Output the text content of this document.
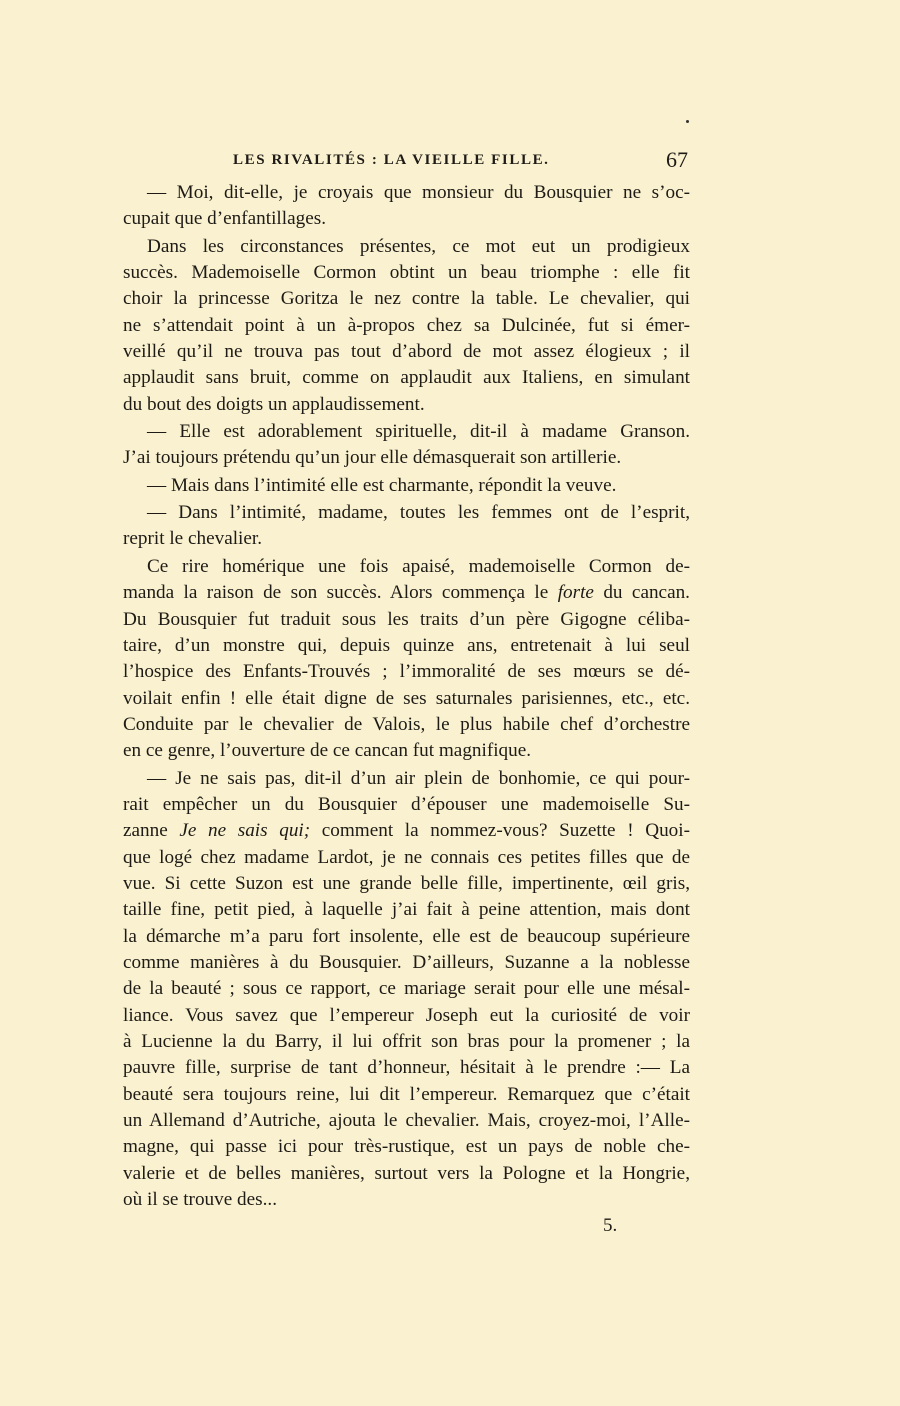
LES RIVALITÉS : LA VIEILLE FILLE.	67
— Moi, dit-elle, je croyais que monsieur du Bousquier ne s’oc-
cupait que d’enfantillages.
Dans les circonstances présentes, ce mot eut un prodigieux
succès. Mademoiselle Cormon obtint un beau triomphe : elle fit
choir la princesse Goritza le nez contre la table. Le chevalier, qui
ne s’attendait point à un à-propos chez sa Dulcinée, fut si émer-
veillé qu’il ne trouva pas tout d’abord de mot assez élogieux ; il
applaudit sans bruit, comme on applaudit aux Italiens, en simulant
du bout des doigts un applaudissement.
— Elle est adorablement spirituelle, dit-il à madame Granson.
J’ai toujours prétendu qu’un jour elle démasquerait son artillerie.
— Mais dans l’intimité elle est charmante, répondit la veuve.
— Dans l’intimité, madame, toutes les femmes ont de l’esprit,
reprit le chevalier.
Ce rire homérique une fois apaisé, mademoiselle Cormon de-
manda la raison de son succès. Alors commença le forte du cancan.
Du Bousquier fut traduit sous les traits d’un père Gigogne céliba-
taire, d’un monstre qui, depuis quinze ans, entretenait à lui seul
l’hospice des Enfants-Trouvés ; l’immoralité de ses mœurs se dé-
voilait enfin ! elle était digne de ses saturnales parisiennes, etc., etc.
Conduite par le chevalier de Valois, le plus habile chef d’orchestre
en ce genre, l’ouverture de ce cancan fut magnifique.
— Je ne sais pas, dit-il d’un air plein de bonhomie, ce qui pour-
rait empêcher un du Bousquier d’épouser une mademoiselle Su-
zanne Je ne sais qui; comment la nommez-vous? Suzette ! Quoi-
que logé chez madame Lardot, je ne connais ces petites filles que de
vue. Si cette Suzon est une grande belle fille, impertinente, œil gris,
taille fine, petit pied, à laquelle j’ai fait à peine attention, mais dont
la démarche m’a paru fort insolente, elle est de beaucoup supérieure
comme manières à du Bousquier. D’ailleurs, Suzanne a la noblesse
de la beauté ; sous ce rapport, ce mariage serait pour elle une mésal-
liance. Vous savez que l’empereur Joseph eut la curiosité de voir
à Lucienne la du Barry, il lui offrit son bras pour la promener ; la
pauvre fille, surprise de tant d’honneur, hésitait à le prendre :— La
beauté sera toujours reine, lui dit l’empereur. Remarquez que c’était
un Allemand d’Autriche, ajouta le chevalier. Mais, croyez-moi, l’Alle-
magne, qui passe ici pour très-rustique, est un pays de noble che-
valerie et de belles manières, surtout vers la Pologne et la Hongrie,
où il se trouve des...
5.
